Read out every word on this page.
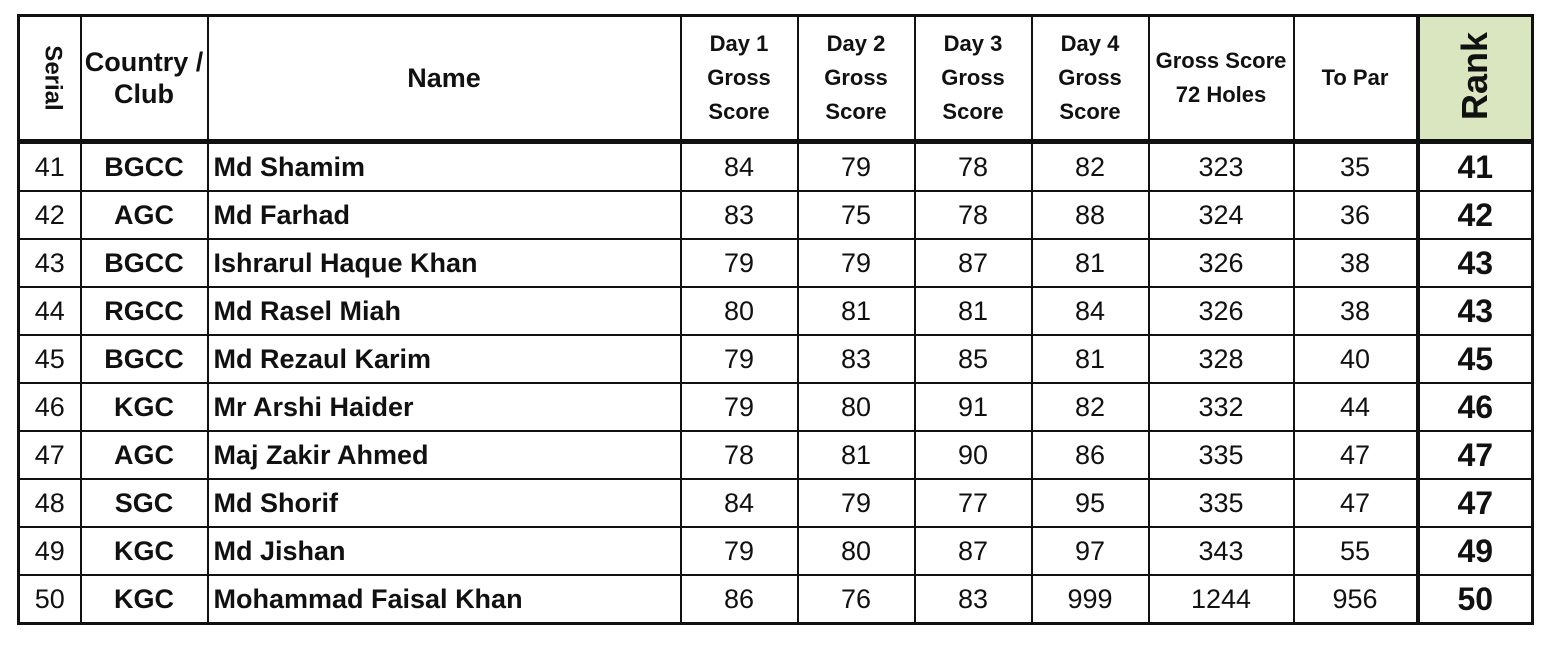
Serial	Country / Club	Name	Day 1 Gross Score	Day 2 Gross Score	Day 3 Gross Score	Day 4 Gross Score	Gross Score 72 Holes	To Par	Rank
41	BGCC	Md Shamim	84	79	78	82	323	35	41
42	AGC	Md Farhad	83	75	78	88	324	36	42
43	BGCC	Ishrarul Haque Khan	79	79	87	81	326	38	43
44	RGCC	Md Rasel Miah	80	81	81	84	326	38	43
45	BGCC	Md Rezaul Karim	79	83	85	81	328	40	45
46	KGC	Mr Arshi Haider	79	80	91	82	332	44	46
47	AGC	Maj Zakir Ahmed	78	81	90	86	335	47	47
48	SGC	Md Shorif	84	79	77	95	335	47	47
49	KGC	Md Jishan	79	80	87	97	343	55	49
50	KGC	Mohammad Faisal Khan	86	76	83	999	1244	956	50
